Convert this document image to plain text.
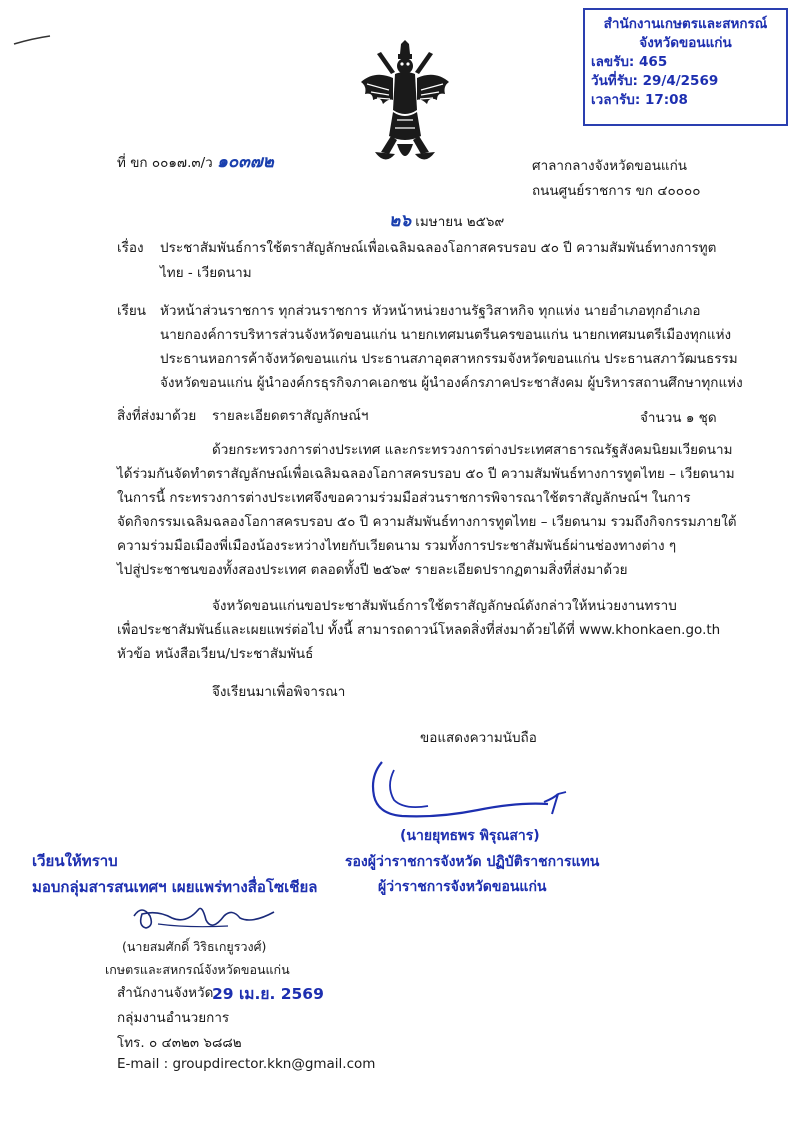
สำนักงานเกษตรและสหกรณ์
จังหวัดขอนแก่น
เลขรับ: 465
วันที่รับ: 29/4/2569
เวลารับ: 17:08
ที่ ขก ๐๐๑๗.๓/ว ๑๐๓๗๒	ศาลากลางจังหวัดขอนแก่น
ถนนศูนย์ราชการ ขก ๔๐๐๐๐
๒๖ เมษายน ๒๕๖๙
เรื่อง ประชาสัมพันธ์การใช้ตราสัญลักษณ์เพื่อเฉลิมฉลองโอกาสครบรอบ ๕๐ ปี ความสัมพันธ์ทางการทูต
ไทย - เวียดนาม
เรียน หัวหน้าส่วนราชการ ทุกส่วนราชการ หัวหน้าหน่วยงานรัฐวิสาหกิจ ทุกแห่ง นายอำเภอทุกอำเภอ
นายกองค์การบริหารส่วนจังหวัดขอนแก่น นายกเทศมนตรีนครขอนแก่น นายกเทศมนตรีเมืองทุกแห่ง
ประธานหอการค้าจังหวัดขอนแก่น ประธานสภาอุตสาหกรรมจังหวัดขอนแก่น ประธานสภาวัฒนธรรม
จังหวัดขอนแก่น ผู้นำองค์กรธุรกิจภาคเอกชน ผู้นำองค์กรภาคประชาสังคม ผู้บริหารสถานศึกษาทุกแห่ง
สิ่งที่ส่งมาด้วย รายละเอียดตราสัญลักษณ์ฯ	จำนวน ๑ ชุด
ด้วยกระทรวงการต่างประเทศ และกระทรวงการต่างประเทศสาธารณรัฐสังคมนิยมเวียดนาม
ได้ร่วมกันจัดทำตราสัญลักษณ์เพื่อเฉลิมฉลองโอกาสครบรอบ ๕๐ ปี ความสัมพันธ์ทางการทูตไทย – เวียดนาม
ในการนี้ กระทรวงการต่างประเทศจึงขอความร่วมมือส่วนราชการพิจารณาใช้ตราสัญลักษณ์ฯ ในการ
จัดกิจกรรมเฉลิมฉลองโอกาสครบรอบ ๕๐ ปี ความสัมพันธ์ทางการทูตไทย – เวียดนาม รวมถึงกิจกรรมภายใต้
ความร่วมมือเมืองพี่เมืองน้องระหว่างไทยกับเวียดนาม รวมทั้งการประชาสัมพันธ์ผ่านช่องทางต่าง ๆ
ไปสู่ประชาชนของทั้งสองประเทศ ตลอดทั้งปี ๒๕๖๙ รายละเอียดปรากฏตามสิ่งที่ส่งมาด้วย
จังหวัดขอนแก่นขอประชาสัมพันธ์การใช้ตราสัญลักษณ์ดังกล่าวให้หน่วยงานทราบ
เพื่อประชาสัมพันธ์และเผยแพร่ต่อไป ทั้งนี้ สามารถดาวน์โหลดสิ่งที่ส่งมาด้วยได้ที่ www.khonkaen.go.th
หัวข้อ หนังสือเวียน/ประชาสัมพันธ์
จึงเรียนมาเพื่อพิจารณา
ขอแสดงความนับถือ
(นายยุทธพร พิรุณสาร)
รองผู้ว่าราชการจังหวัด ปฏิบัติราชการแทน
ผู้ว่าราชการจังหวัดขอนแก่น
เวียนให้ทราบ
มอบกลุ่มสารสนเทศฯ เผยแพร่ทางสื่อโซเชียล
(นายสมศักดิ์ วิริธเกยูรวงศ์)
เกษตรและสหกรณ์จังหวัดขอนแก่น
สำนักงานจังหวัด
29 เม.ย. 2569
กลุ่มงานอำนวยการ
โทร. ๐ ๔๓๒๓ ๖๘๘๒
E-mail : groupdirector.kkn@gmail.com
